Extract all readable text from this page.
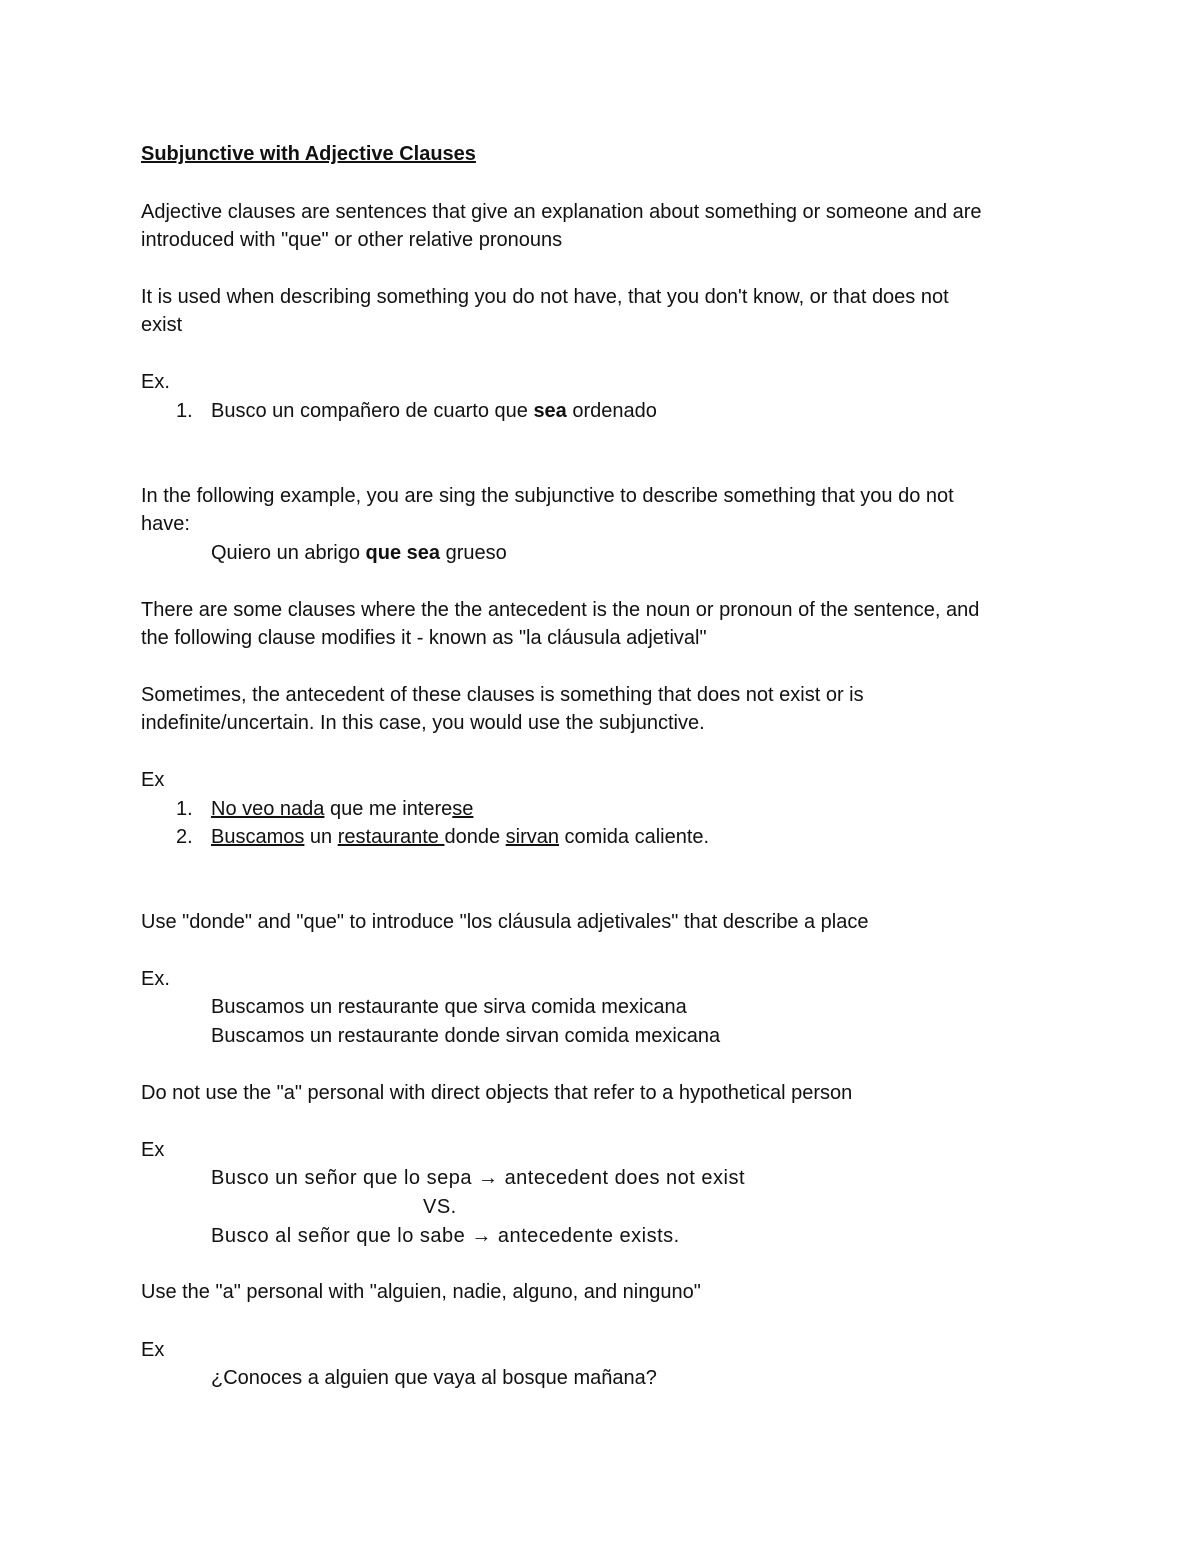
Subjunctive with Adjective Clauses
Adjective clauses are sentences that give an explanation about something or someone and are
introduced with "que" or other relative pronouns
It is used when describing something you do not have, that you don't know, or that does not
exist
Ex.
1. Busco un compañero de cuarto que sea ordenado
In the following example, you are sing the subjunctive to describe something that you do not
have:
Quiero un abrigo que sea grueso
There are some clauses where the the antecedent is the noun or pronoun of the sentence, and
the following clause modifies it - known as "la cláusula adjetival"
Sometimes, the antecedent of these clauses is something that does not exist or is
indefinite/uncertain. In this case, you would use the subjunctive.
Ex
1. No veo nada que me interese
2. Buscamos un restaurante donde sirvan comida caliente.
Use "donde" and "que" to introduce "los cláusula adjetivales" that describe a place
Ex.
Buscamos un restaurante que sirva comida mexicana
Buscamos un restaurante donde sirvan comida mexicana
Do not use the "a" personal with direct objects that refer to a hypothetical person
Ex
Busco un señor que lo sepa → antecedent does not exist
VS.
Busco al señor que lo sabe → antecedente exists.
Use the "a" personal with "alguien, nadie, alguno, and ninguno"
Ex
¿Conoces a alguien que vaya al bosque mañana?
